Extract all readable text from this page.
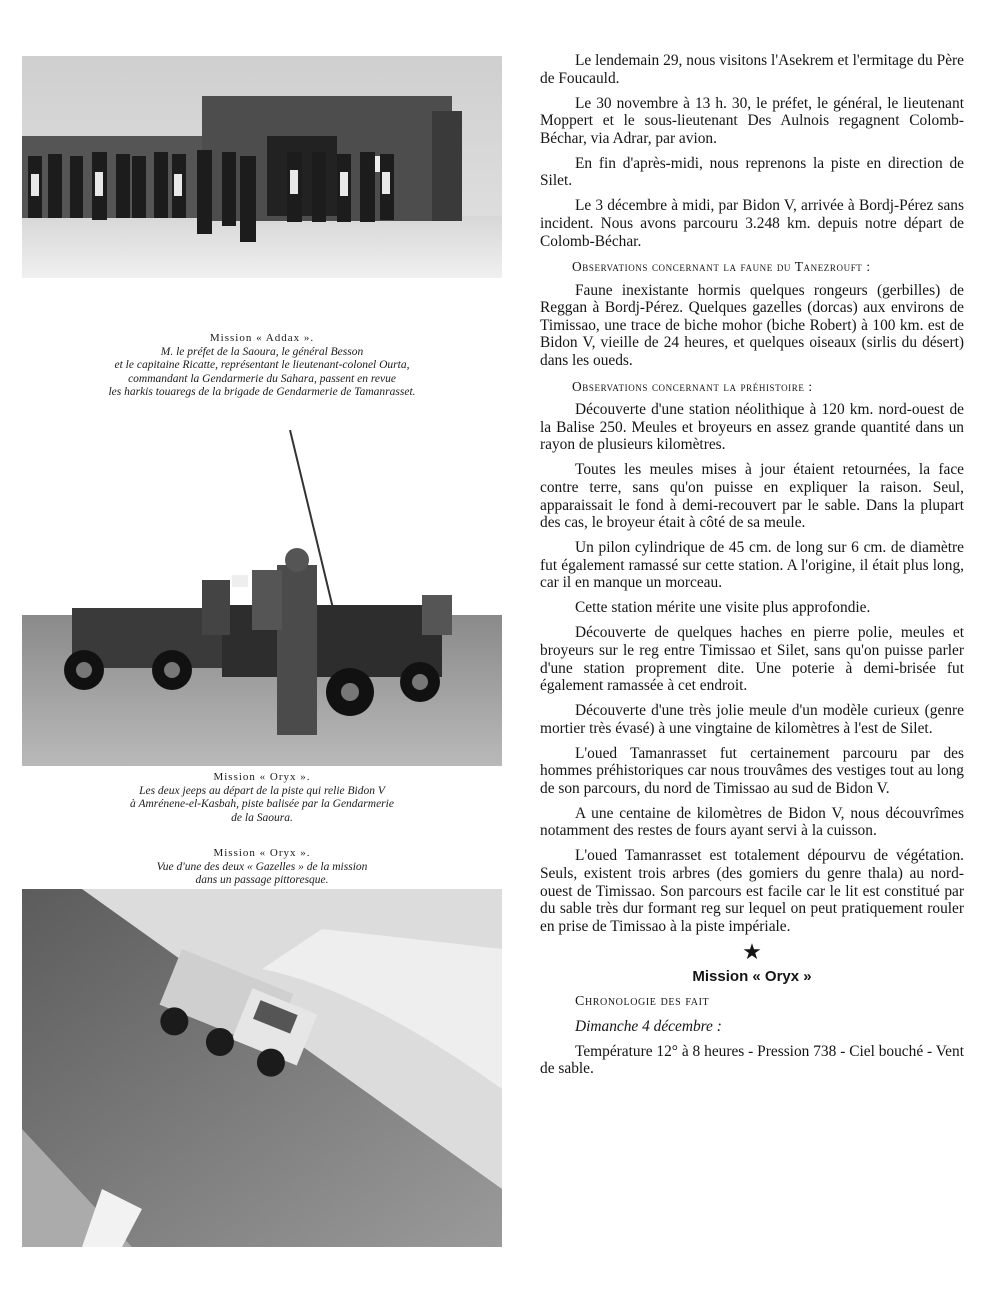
Mission « Addax ».
M. le préfet de la Saoura, le général Besson
et le capitaine Ricatte, représentant le lieutenant-colonel Ourta,
commandant la Gendarmerie du Sahara, passent en revue
les harkis touaregs de la brigade de Gendarmerie de Tamanrasset.
Mission « Oryx ».
Les deux jeeps au départ de la piste qui relie Bidon V
à Amrénene-el-Kasbah, piste balisée par la Gendarmerie
de la Saoura.
Mission « Oryx ».
Vue d'une des deux « Gazelles » de la mission
dans un passage pittoresque.

Le lendemain 29, nous visitons l'Asekrem et l'ermitage du Père de Foucauld.

Le 30 novembre à 13 h. 30, le préfet, le général, le lieutenant Moppert et le sous-lieutenant Des Aulnois regagnent Colomb-Béchar, via Adrar, par avion.

En fin d'après-midi, nous reprenons la piste en direction de Silet.

Le 3 décembre à midi, par Bidon V, arrivée à Bordj-Pérez sans incident. Nous avons parcouru 3.248 km. depuis notre départ de Colomb-Béchar.

Observations concernant la faune du Tanezrouft :

Faune inexistante hormis quelques rongeurs (gerbilles) de Reggan à Bordj-Pérez. Quelques gazelles (dorcas) aux environs de Timissao, une trace de biche mohor (biche Robert) à 100 km. est de Bidon V, vieille de 24 heures, et quelques oiseaux (sirlis du désert) dans les oueds.

Observations concernant la préhistoire :

Découverte d'une station néolithique à 120 km. nord-ouest de la Balise 250. Meules et broyeurs en assez grande quantité dans un rayon de plusieurs kilomètres.

Toutes les meules mises à jour étaient retournées, la face contre terre, sans qu'on puisse en expliquer la raison. Seul, apparaissait le fond à demi-recouvert par le sable. Dans la plupart des cas, le broyeur était à côté de sa meule.

Un pilon cylindrique de 45 cm. de long sur 6 cm. de diamètre fut également ramassé sur cette station. A l'origine, il était plus long, car il en manque un morceau.

Cette station mérite une visite plus approfondie.

Découverte de quelques haches en pierre polie, meules et broyeurs sur le reg entre Timissao et Silet, sans qu'on puisse parler d'une station proprement dite. Une poterie à demi-brisée fut également ramassée à cet endroit.

Découverte d'une très jolie meule d'un modèle curieux (genre mortier très évasé) à une vingtaine de kilomètres à l'est de Silet.

L'oued Tamanrasset fut certainement parcouru par des hommes préhistoriques car nous trouvâmes des vestiges tout au long de son parcours, du nord de Timissao au sud de Bidon V.

A une centaine de kilomètres de Bidon V, nous découvrîmes notamment des restes de fours ayant servi à la cuisson.

L'oued Tamanrasset est totalement dépourvu de végétation. Seuls, existent trois arbres (des gomiers du genre thala) au nord-ouest de Timissao. Son parcours est facile car le lit est constitué par du sable très dur formant reg sur lequel on peut pratiquement rouler en prise de Timissao à la piste impériale.

★

Mission « Oryx »

Chronologie des fait

Dimanche 4 décembre :

Température 12° à 8 heures - Pression 738 - Ciel bouché - Vent de sable.
